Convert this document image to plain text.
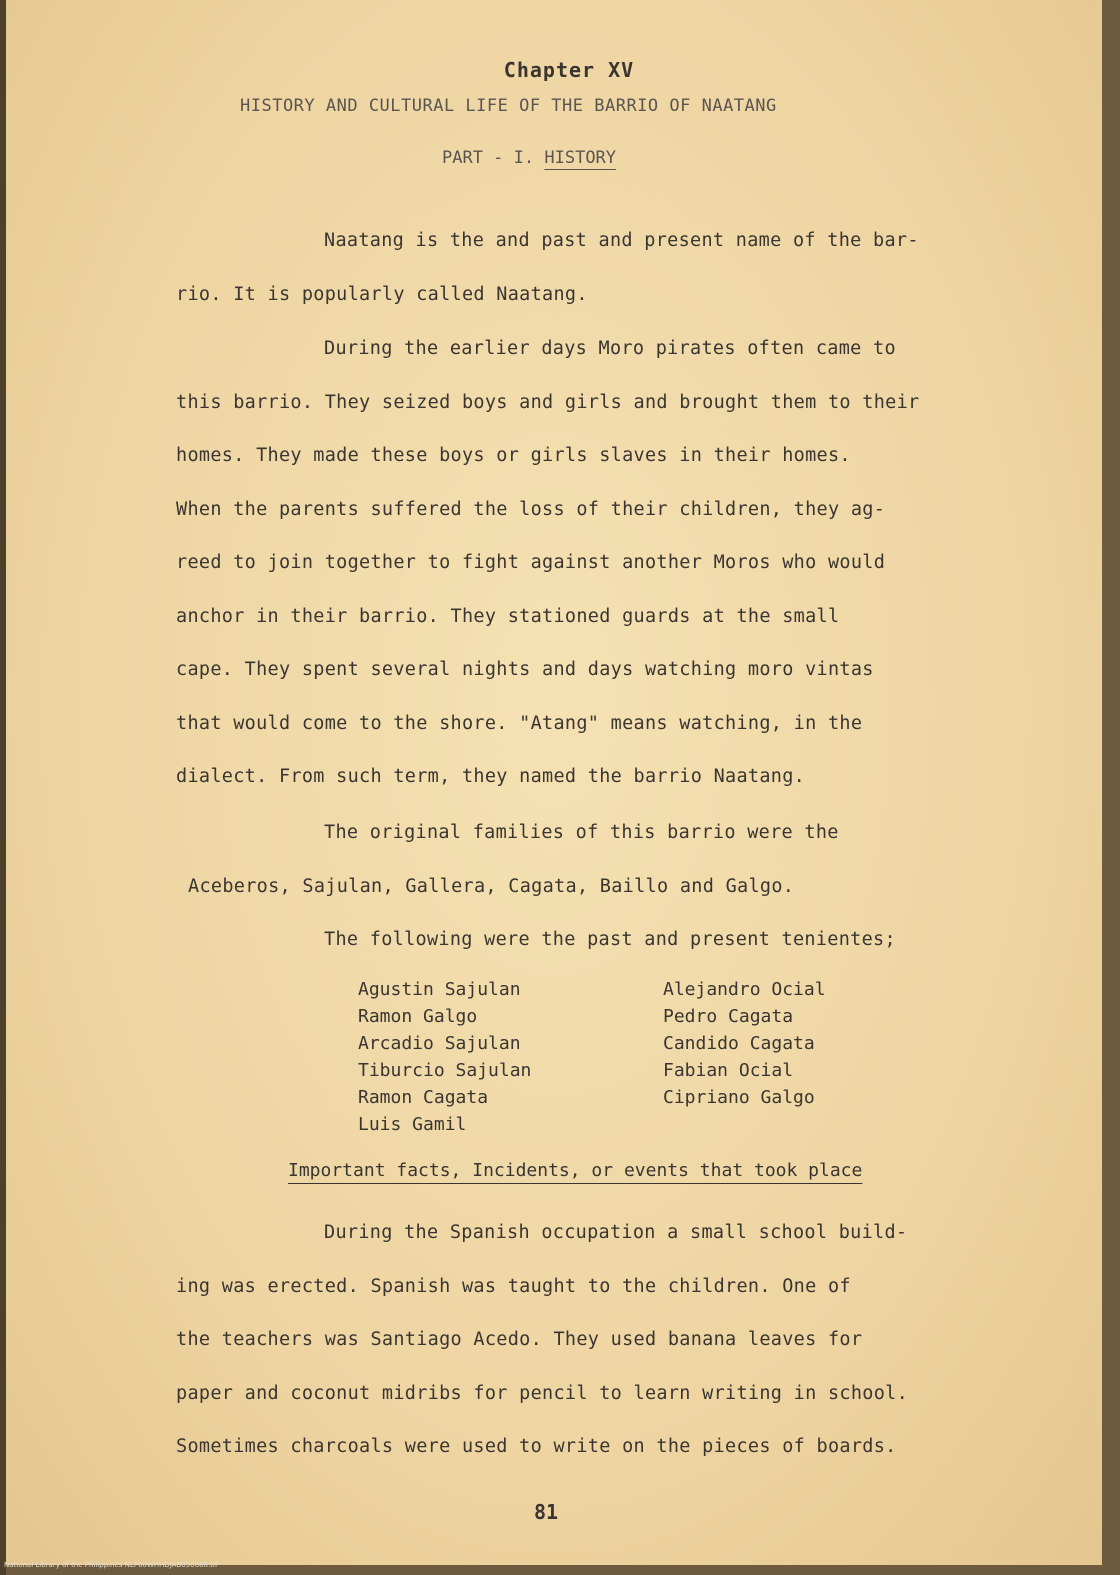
Chapter XV
HISTORY AND CULTURAL LIFE OF THE BARRIO OF NAATANG
PART - I. HISTORY
Naatang is the and past and present name of the bar-
rio. It is popularly called Naatang.
During the earlier days Moro pirates often came to
this barrio. They seized boys and girls and brought them to their
homes. They made these boys or girls slaves in their homes.
When the parents suffered the loss of their children, they ag-
reed to join together to fight against another Moros who would
anchor in their barrio. They stationed guards at the small
cape. They spent several nights and days watching moro vintas
that would come to the shore. "Atang" means watching, in the
dialect. From such term, they named the barrio Naatang.
The original families of this barrio were the
Aceberos, Sajulan, Gallera, Cagata, Baillo and Galgo.
The following were the past and present tenientes;
Agustin Sajulan
Ramon Galgo
Arcadio Sajulan
Tiburcio Sajulan
Ramon Cagata
Luis Gamil
Alejandro Ocial
Pedro Cagata
Candido Cagata
Fabian Ocial
Cipriano Galgo
Important facts, Incidents, or events that took place
During the Spanish occupation a small school build-
ing was erected. Spanish was taught to the children. One of
the teachers was Santiago Acedo. They used banana leaves for
paper and coconut midribs for pencil to learn writing in school.
Sometimes charcoals were used to write on the pieces of boards.
81
National Library of the Philippines NLP00WHHDJAB050088.tif
